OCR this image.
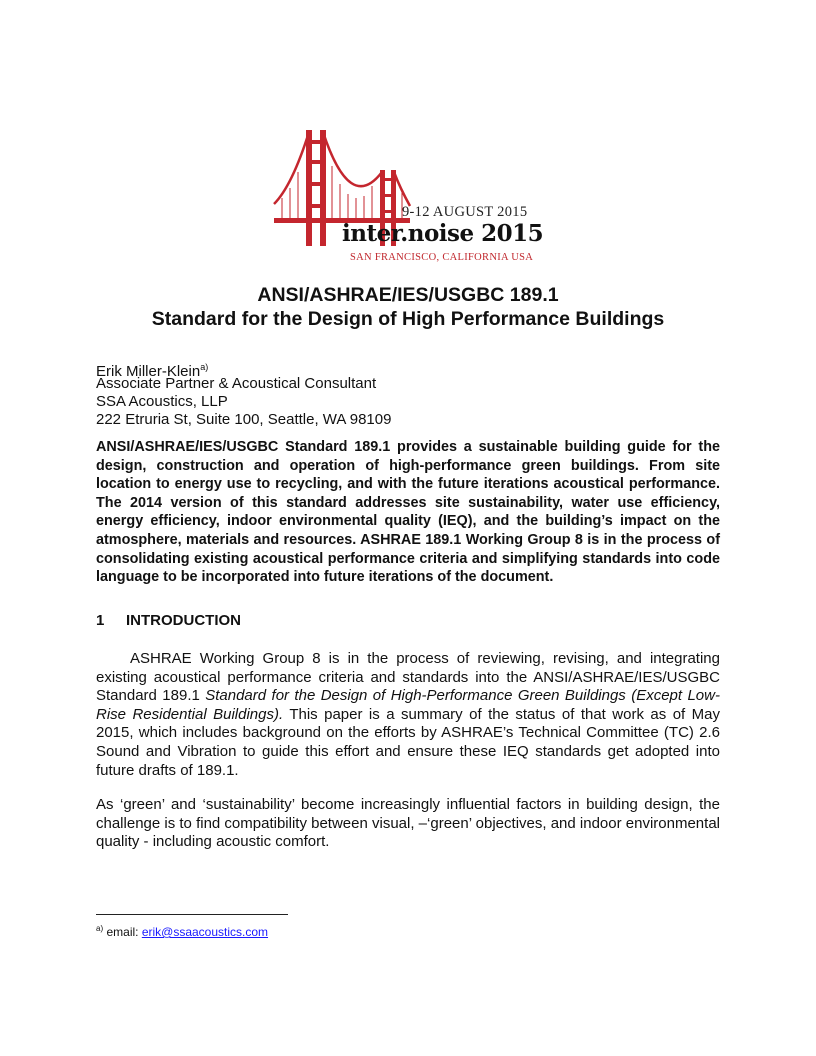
9-12 AUGUST 2015
inter.noise 2015
SAN FRANCISCO, CALIFORNIA USA
ANSI/ASHRAE/IES/USGBC 189.1
Standard for the Design of High Performance Buildings
Erik Miller-Klein$^{a)}$
Associate Partner & Acoustical Consultant
SSA Acoustics, LLP
222 Etruria St, Suite 100, Seattle, WA 98109
ANSI/ASHRAE/IES/USGBC Standard 189.1 provides a sustainable building guide for the design, construction and operation of high-performance green buildings. From site location to energy use to recycling, and with the future iterations acoustical performance. The 2014 version of this standard addresses site sustainability, water use efficiency, energy efficiency, indoor environmental quality (IEQ), and the building’s impact on the atmosphere, materials and resources. ASHRAE 189.1 Working Group 8 is in the process of consolidating existing acoustical performance criteria and simplifying standards into code language to be incorporated into future iterations of the document.
1 INTRODUCTION
ASHRAE Working Group 8 is in the process of reviewing, revising, and integrating existing acoustical performance criteria and standards into the ANSI/ASHRAE/IES/USGBC Standard 189.1 Standard for the Design of High-Performance Green Buildings (Except Low-Rise Residential Buildings). This paper is a summary of the status of that work as of May 2015, which includes background on the efforts by ASHRAE’s Technical Committee (TC) 2.6 Sound and Vibration to guide this effort and ensure these IEQ standards get adopted into future drafts of 189.1.
As ‘green’ and ‘sustainability’ become increasingly influential factors in building design, the challenge is to find compatibility between visual, –‘green’ objectives, and indoor environmental quality - including acoustic comfort.
$^{a)}$ email: erik@ssaacoustics.com
